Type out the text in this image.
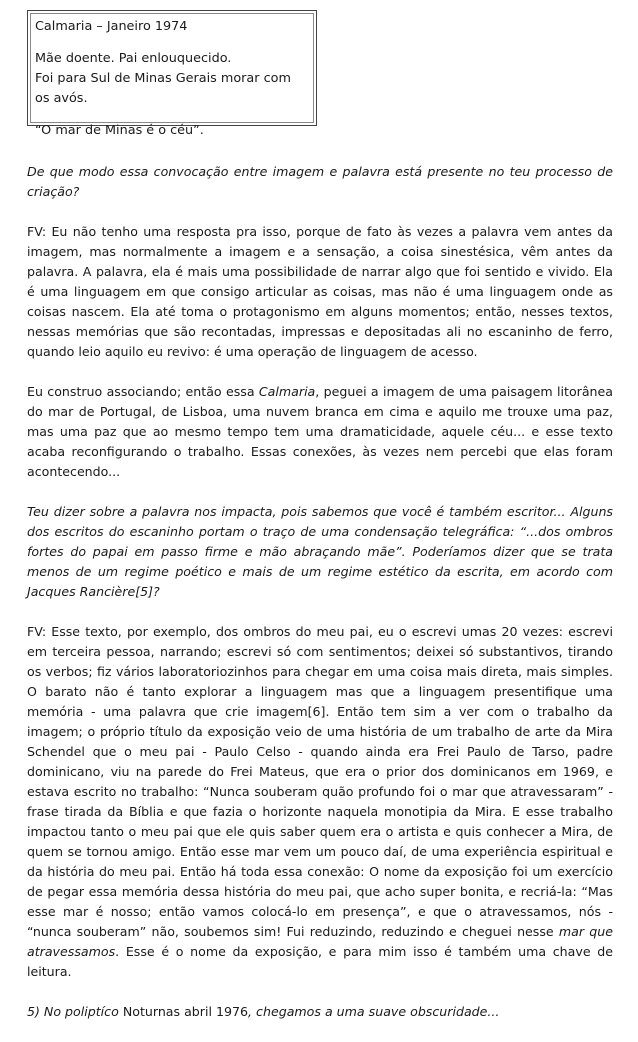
Calmaria – Janeiro 1974
Mãe doente. Pai enlouquecido.
Foi para Sul de Minas Gerais morar com os avós.
“O mar de Minas é o céu”.

De que modo essa convocação entre imagem e palavra está presente no teu processo de criação?

FV: Eu não tenho uma resposta pra isso, porque de fato às vezes a palavra vem antes da imagem, mas normalmente a imagem e a sensação, a coisa sinestésica, vêm antes da palavra. A palavra, ela é mais uma possibilidade de narrar algo que foi sentido e vivido. Ela é uma linguagem em que consigo articular as coisas, mas não é uma linguagem onde as coisas nascem. Ela até toma o protagonismo em alguns momentos; então, nesses textos, nessas memórias que são recontadas, impressas e depositadas ali no escaninho de ferro, quando leio aquilo eu revivo: é uma operação de linguagem de acesso.

Eu construo associando; então essa Calmaria, peguei a imagem de uma paisagem litorânea do mar de Portugal, de Lisboa, uma nuvem branca em cima e aquilo me trouxe uma paz, mas uma paz que ao mesmo tempo tem uma dramaticidade, aquele céu... e esse texto acaba reconfigurando o trabalho. Essas conexões, às vezes nem percebi que elas foram acontecendo...

Teu dizer sobre a palavra nos impacta, pois sabemos que você é também escritor... Alguns dos escritos do escaninho portam o traço de uma condensação telegráfica: “...dos ombros fortes do papai em passo firme e mão abraçando mãe”. Poderíamos dizer que se trata menos de um regime poético e mais de um regime estético da escrita, em acordo com Jacques Rancière[5]?

FV: Esse texto, por exemplo, dos ombros do meu pai, eu o escrevi umas 20 vezes: escrevi em terceira pessoa, narrando; escrevi só com sentimentos; deixei só substantivos, tirando os verbos; fiz vários laboratoriozinhos para chegar em uma coisa mais direta, mais simples. O barato não é tanto explorar a linguagem mas que a linguagem presentifique uma memória - uma palavra que crie imagem[6]. Então tem sim a ver com o trabalho da imagem; o próprio título da exposição veio de uma história de um trabalho de arte da Mira Schendel que o meu pai - Paulo Celso - quando ainda era Frei Paulo de Tarso, padre dominicano, viu na parede do Frei Mateus, que era o prior dos dominicanos em 1969, e estava escrito no trabalho: “Nunca souberam quão profundo foi o mar que atravessaram” - frase tirada da Bíblia e que fazia o horizonte naquela monotipia da Mira. E esse trabalho impactou tanto o meu pai que ele quis saber quem era o artista e quis conhecer a Mira, de quem se tornou amigo. Então esse mar vem um pouco daí, de uma experiência espiritual e da história do meu pai. Então há toda essa conexão: O nome da exposição foi um exercício de pegar essa memória dessa história do meu pai, que acho super bonita, e recriá-la: “Mas esse mar é nosso; então vamos colocá-lo em presença”, e que o atravessamos, nós - “nunca souberam” não, soubemos sim! Fui reduzindo, reduzindo e cheguei nesse mar que atravessamos. Esse é o nome da exposição, e para mim isso é também uma chave de leitura.

5) No poliptíco Noturnas abril 1976, chegamos a uma suave obscuridade...
